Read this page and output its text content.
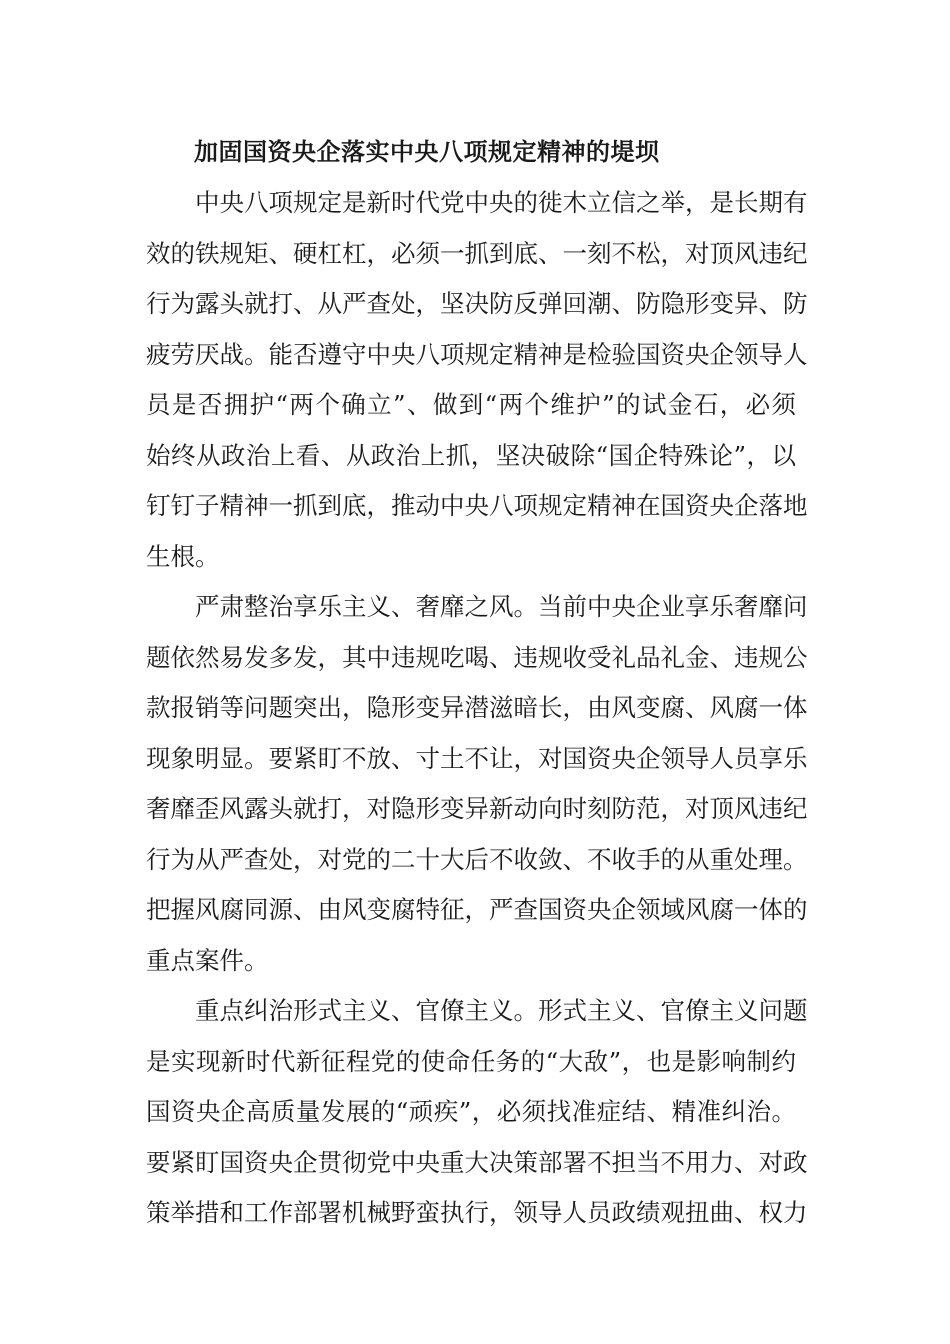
加固国资央企落实中央八项规定精神的堤坝
中央八项规定是新时代党中央的徙木立信之举，是长期有
效的铁规矩、硬杠杠，必须一抓到底、一刻不松，对顶风违纪
行为露头就打、从严查处，坚决防反弹回潮、防隐形变异、防
疲劳厌战。能否遵守中央八项规定精神是检验国资央企领导人
员是否拥护“两个确立”、做到“两个维护”的试金石，必须
始终从政治上看、从政治上抓，坚决破除“国企特殊论”，以
钉钉子精神一抓到底，推动中央八项规定精神在国资央企落地
生根。
严肃整治享乐主义、奢靡之风。当前中央企业享乐奢靡问
题依然易发多发，其中违规吃喝、违规收受礼品礼金、违规公
款报销等问题突出，隐形变异潜滋暗长，由风变腐、风腐一体
现象明显。要紧盯不放、寸土不让，对国资央企领导人员享乐
奢靡歪风露头就打，对隐形变异新动向时刻防范，对顶风违纪
行为从严查处，对党的二十大后不收敛、不收手的从重处理。
把握风腐同源、由风变腐特征，严查国资央企领域风腐一体的
重点案件。
重点纠治形式主义、官僚主义。形式主义、官僚主义问题
是实现新时代新征程党的使命任务的“大敌”，也是影响制约
国资央企高质量发展的“顽疾”，必须找准症结、精准纠治。
要紧盯国资央企贯彻党中央重大决策部署不担当不用力、对政
策举措和工作部署机械野蛮执行，领导人员政绩观扭曲、权力
